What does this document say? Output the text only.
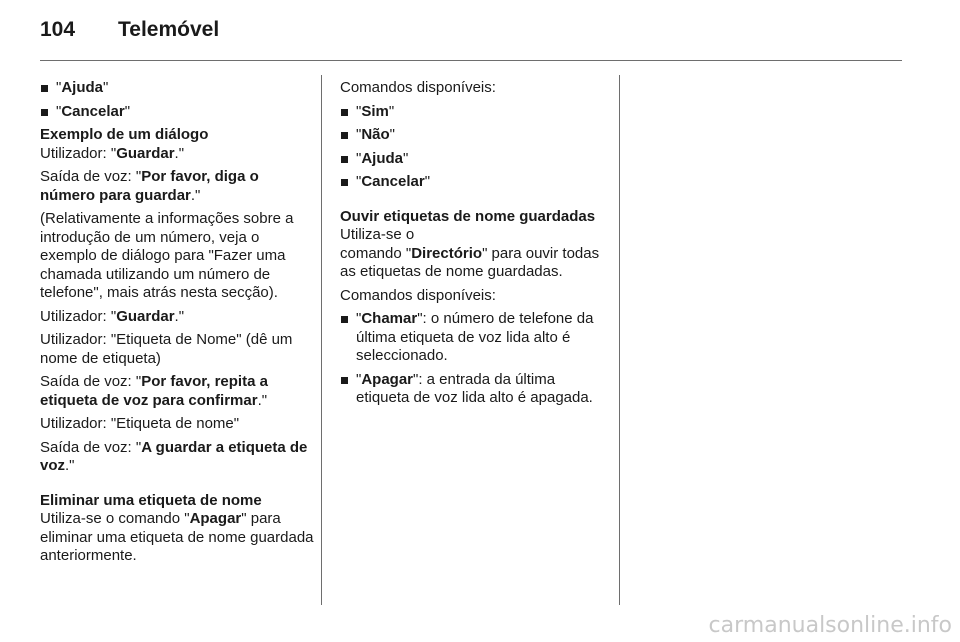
104 Telemóvel
"Ajuda"
"Cancelar"

Exemplo de um diálogo

Utilizador: "Guardar."

Saída de voz: "Por favor, diga o número para guardar."

(Relativamente a informações sobre a introdução de um número, veja o exemplo de diálogo para "Fazer uma chamada utilizando um número de telefone", mais atrás nesta secção).

Utilizador: "Guardar."

Utilizador: "Etiqueta de Nome" (dê um nome de etiqueta)

Saída de voz: "Por favor, repita a etiqueta de voz para confirmar."

Utilizador: "Etiqueta de nome"

Saída de voz: "A guardar a etiqueta de voz."

Eliminar uma etiqueta de nome

Utiliza-se o comando "Apagar" para eliminar uma etiqueta de nome guardada anteriormente.

Comandos disponíveis:

"Sim"
"Não"
"Ajuda"
"Cancelar"

Ouvir etiquetas de nome guardadas

Utiliza-se o

comando "Directório" para ouvir todas as etiquetas de nome guardadas.

Comandos disponíveis:

"Chamar": o número de telefone da última etiqueta de voz lida alto é seleccionado.
"Apagar": a entrada da última etiqueta de voz lida alto é apagada.
carmanualsonline.info
